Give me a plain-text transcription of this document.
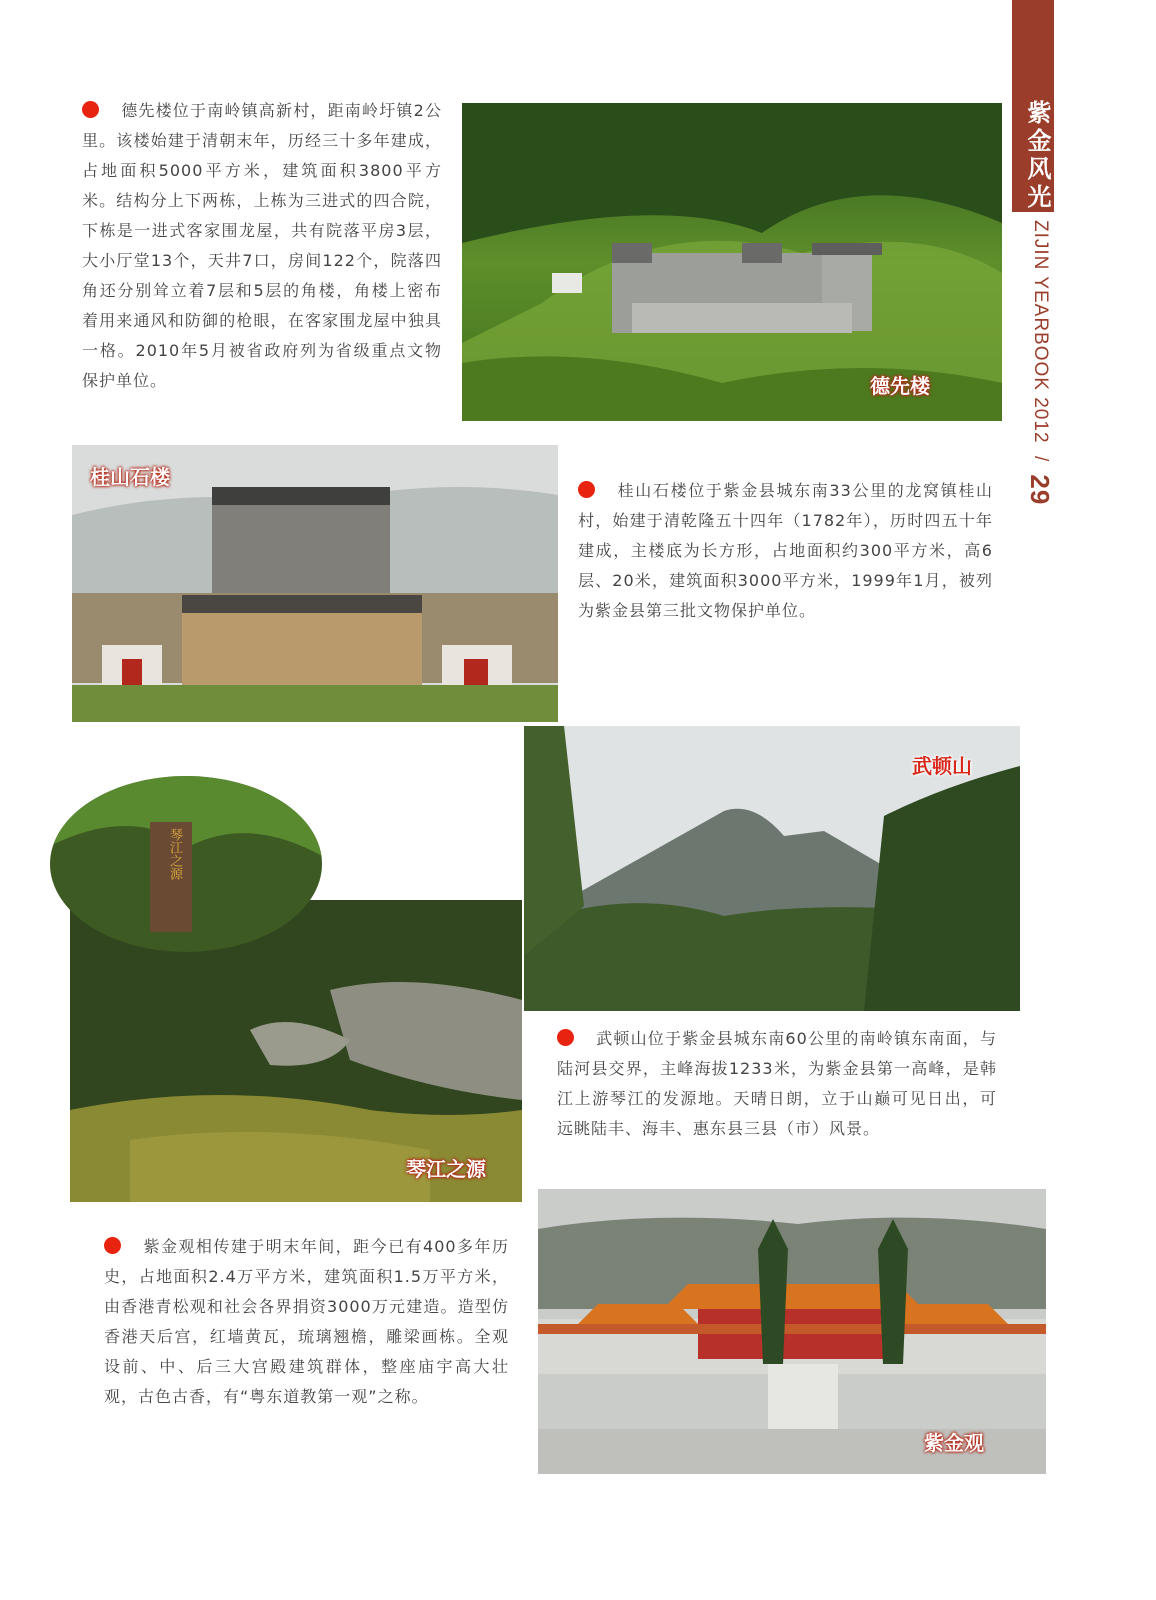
紫金风光
ZIJIN YEARBOOK 2012 / 29
德先楼位于南岭镇高新村，距南岭圩镇2公里。该楼始建于清朝末年，历经三十多年建成，占地面积5000平方米，建筑面积3800平方米。结构分上下两栋，上栋为三进式的四合院，下栋是一进式客家围龙屋，共有院落平房3层，大小厅堂13个，天井7口，房间122个，院落四角还分别耸立着7层和5层的角楼，角楼上密布着用来通风和防御的枪眼，在客家围龙屋中独具一格。2010年5月被省政府列为省级重点文物保护单位。	德先楼
桂山石楼
桂山石楼位于紫金县城东南33公里的龙窝镇桂山村，始建于清乾隆五十四年（1782年），历时四五十年建成，主楼底为长方形，占地面积约300平方米，高6层、20米，建筑面积3000平方米，1999年1月，被列为紫金县第三批文物保护单位。
武顿山
琴江之源
琴江之源
武顿山位于紫金县城东南60公里的南岭镇东南面，与陆河县交界，主峰海拔1233米，为紫金县第一高峰，是韩江上游琴江的发源地。天晴日朗，立于山巅可见日出，可远眺陆丰、海丰、惠东县三县（市）风景。
紫金观相传建于明末年间，距今已有400多年历史，占地面积2.4万平方米，建筑面积1.5万平方米，由香港青松观和社会各界捐资3000万元建造。造型仿香港天后宫，红墙黄瓦，琉璃翘檐，雕梁画栋。全观设前、中、后三大宫殿建筑群体，整座庙宇高大壮观，古色古香，有“粤东道教第一观”之称。
紫金观
